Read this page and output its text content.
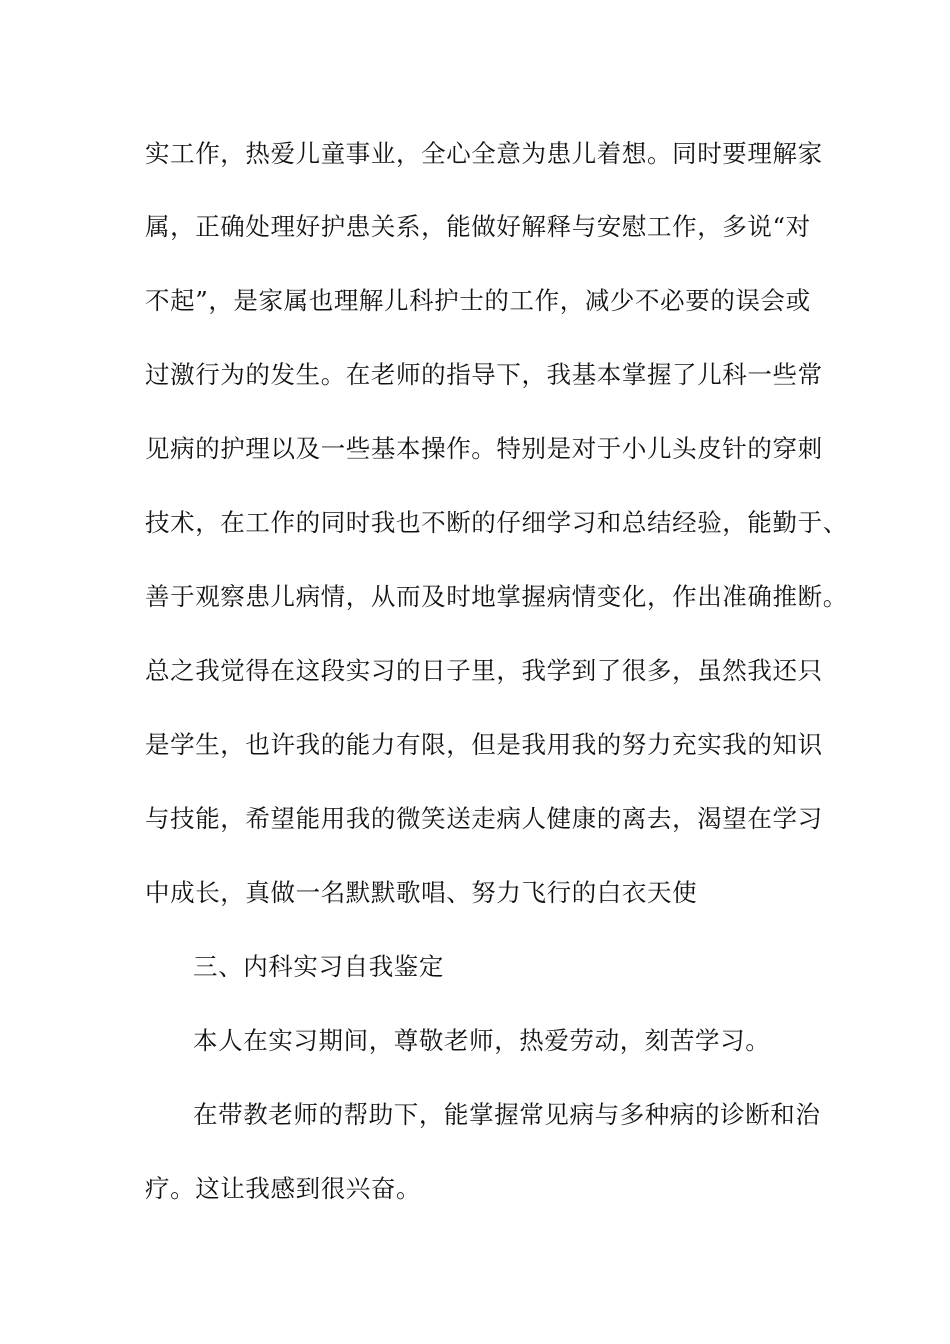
实工作，热爱儿童事业，全心全意为患儿着想。同时要理解家
属，正确处理好护患关系，能做好解释与安慰工作，多说“对
不起”，是家属也理解儿科护士的工作，减少不必要的误会或
过激行为的发生。在老师的指导下，我基本掌握了儿科一些常
见病的护理以及一些基本操作。特别是对于小儿头皮针的穿刺
技术，在工作的同时我也不断的仔细学习和总结经验，能勤于、
善于观察患儿病情，从而及时地掌握病情变化，作出准确推断。
总之我觉得在这段实习的日子里，我学到了很多，虽然我还只
是学生，也许我的能力有限，但是我用我的努力充实我的知识
与技能，希望能用我的微笑送走病人健康的离去，渴望在学习
中成长，真做一名默默歌唱、努力飞行的白衣天使
三、内科实习自我鉴定
本人在实习期间，尊敬老师，热爱劳动，刻苦学习。
在带教老师的帮助下，能掌握常见病与多种病的诊断和治
疗。这让我感到很兴奋。
